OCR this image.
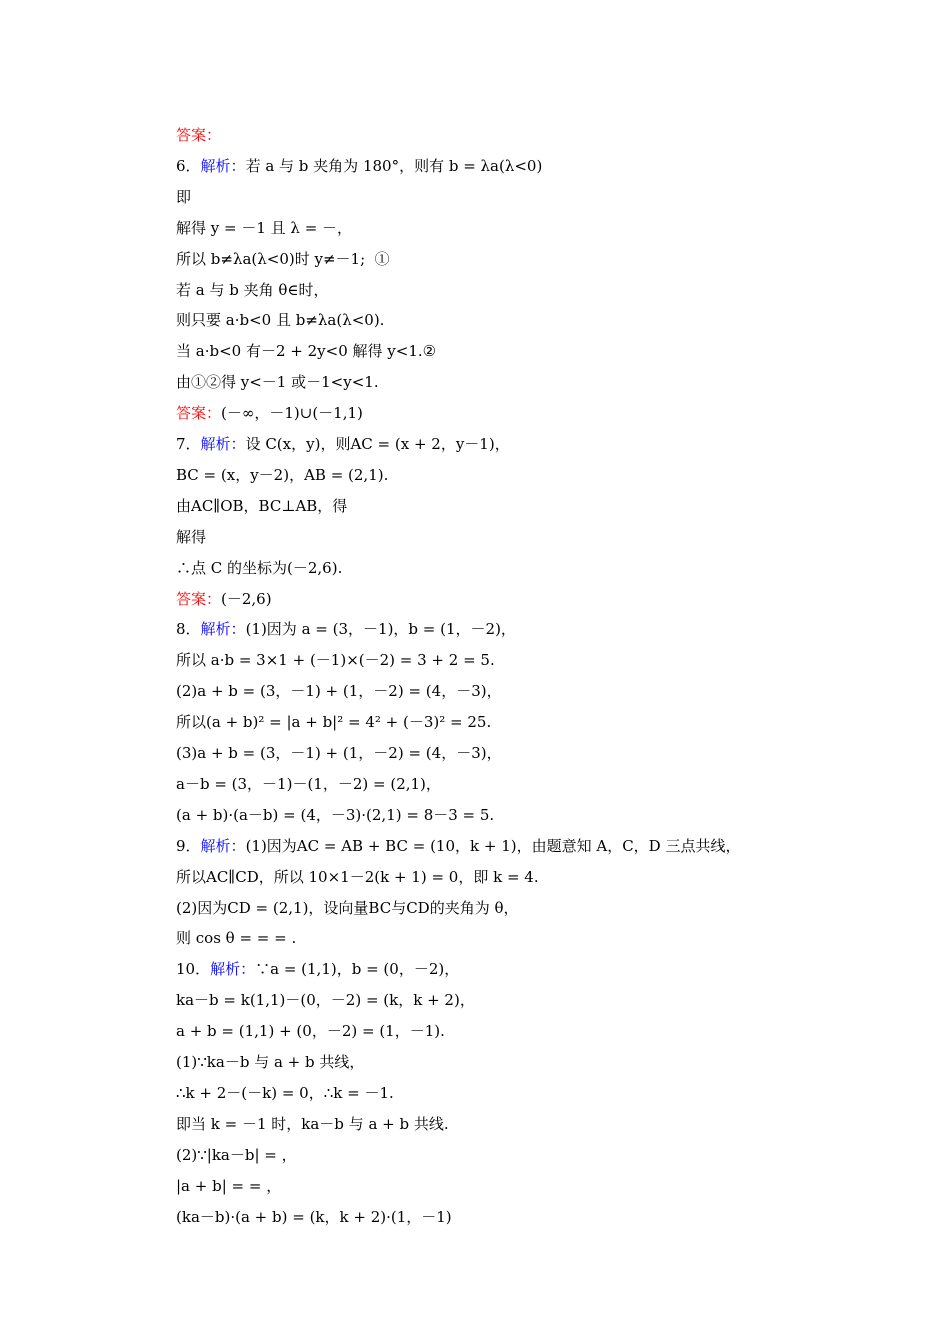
答案：
6．解析：若 a 与 b 夹角为 180°，则有 b = λa(λ<0)
即
解得 y = －1 且 λ = －，
所以 b≠λa(λ<0)时 y≠－1;  ①
若 a 与 b 夹角 θ∈时，
则只要 a·b<0 且 b≠λa(λ<0).
当 a·b<0 有－2 + 2y<0 解得 y<1.②
由①②得 y<－1 或－1<y<1.
答案：(－∞，－1)∪(－1,1)
7．解析：设 C(x，y)，则AC = (x + 2，y－1)，
BC = (x，y－2)，AB = (2,1).
由AC∥OB，BC⊥AB，得
解得
∴点 C 的坐标为(－2,6).
答案：(－2,6)
8．解析：(1)因为 a = (3，－1)，b = (1，－2)，
所以 a·b = 3×1 + (－1)×(－2) = 3 + 2 = 5.
(2)a + b = (3，－1) + (1，－2) = (4，－3)，
所以(a + b)² = |a + b|² = 4² + (－3)² = 25.
(3)a + b = (3，－1) + (1，－2) = (4，－3)，
a－b = (3，－1)－(1，－2) = (2,1)，
(a + b)·(a－b) = (4，－3)·(2,1) = 8－3 = 5.
9．解析：(1)因为AC = AB + BC = (10，k + 1)，由题意知 A，C，D 三点共线，
所以AC∥CD，所以 10×1－2(k + 1) = 0，即 k = 4.
(2)因为CD = (2,1)，设向量BC与CD的夹角为 θ，
则 cos θ = = = .
10．解析：∵a = (1,1)，b = (0，－2)，
ka－b = k(1,1)－(0，－2) = (k，k + 2)，
a + b = (1,1) + (0，－2) = (1，－1).
(1)∵ka－b 与 a + b 共线，
∴k + 2－(－k) = 0，∴k = －1.
即当 k = －1 时，ka－b 与 a + b 共线.
(2)∵|ka－b| = ，
|a + b| = = ，
(ka－b)·(a + b) = (k，k + 2)·(1，－1)
